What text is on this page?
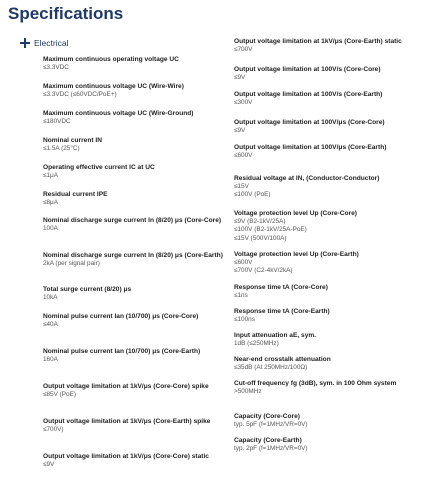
Specifications
Electrical
Maximum continuous operating voltage UC
≤3.3VDC
Maximum continuous voltage UC (Wire-Wire)
≤3.3VDC (≤60VDC/PoE+)
Maximum continuous voltage UC (Wire-Ground)
≤180VDC
Nominal current IN
≤1.5A (25°C)
Operating effective current IC at UC
≤1μA
Residual current IPE
≤8μA
Nominal discharge surge current In (8/20) μs (Core-Core)
100A
Nominal discharge surge current In (8/20) μs (Core-Earth)
2kA (per signal pair)
Total surge current (8/20) μs
10kA
Nominal pulse current Ian (10/700) μs (Core-Core)
≤40A
Nominal pulse current Ian (10/700) μs (Core-Earth)
160A
Output voltage limitation at 1kV/μs (Core-Core) spike
≤85V (PoE)
Output voltage limitation at 1kV/μs (Core-Earth) spike
≤700V)
Output voltage limitation at 1kV/μs (Core-Core) static
≤9V
Output voltage limitation at 1kV/μs (Core-Earth) static
≤700V
Output voltage limitation at 100V/s (Core-Core)
≤9V
Output voltage limitation at 100V/s (Core-Earth)
≤300V
Output voltage limitation at 100V/μs (Core-Core)
≤9V
Output voltage limitation at 100V/μs (Core-Earth)
≤600V
Residual voltage at IN, (Conductor-Conductor)
≤15V
≤100V (PoE)
Voltage protection level Up (Core-Core)
≤9V (B2-1kV/25A)
≤100V (B2-1kV/25A-PoE)
≤15V (500V/100A)
Voltage protection level Up (Core-Earth)
≤600V
≤700V (C2-4kV/2kA)
Response time tA (Core-Core)
≤1ns
Response time tA (Core-Earth)
≤100ns
Input attenuation aE, sym.
1dB (≤250MHz)
Near-end crosstalk attenuation
≤35dB (At 250MHz/100Ω)
Cut-off frequency fg (3dB), sym. in 100 Ohm system
>500MHz
Capacity (Core-Core)
typ. 5pF (f=1MHz/VR=0V)
Capacity (Core-Earth)
typ. 2pF (f=1MHz/VR=0V)
